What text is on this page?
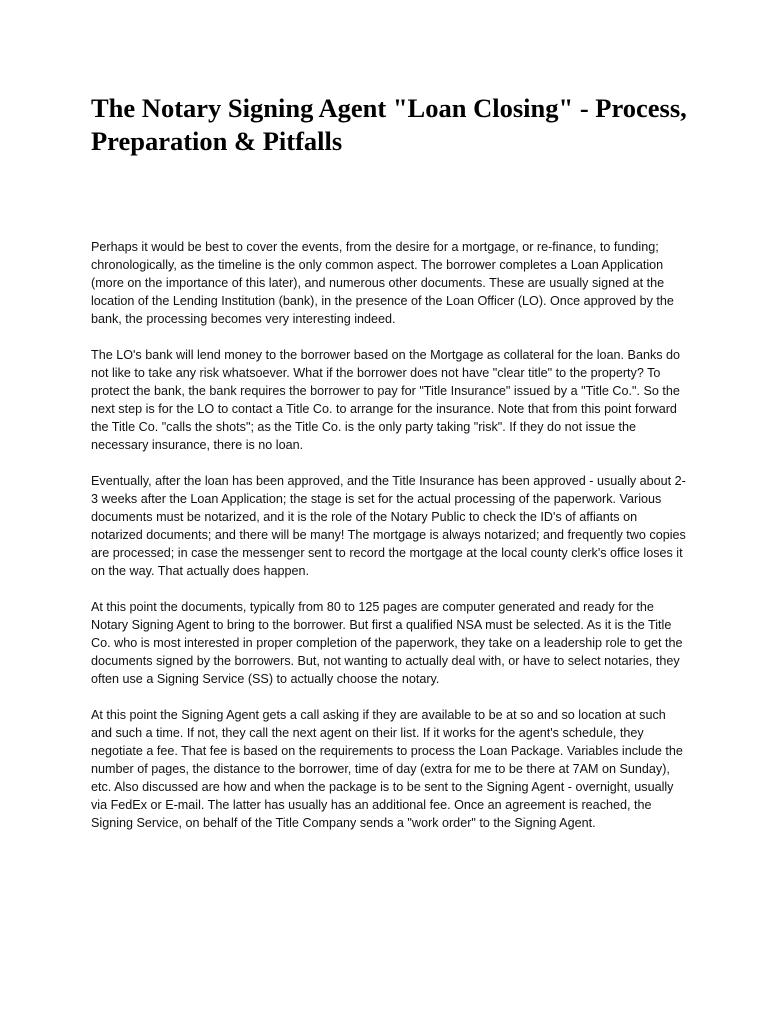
The Notary Signing Agent "Loan Closing" - Process, Preparation & Pitfalls

Perhaps it would be best to cover the events, from the desire for a mortgage, or re-finance, to funding; chronologically, as the timeline is the only common aspect. The borrower completes a Loan Application (more on the importance of this later), and numerous other documents. These are usually signed at the location of the Lending Institution (bank), in the presence of the Loan Officer (LO). Once approved by the bank, the processing becomes very interesting indeed.

The LO's bank will lend money to the borrower based on the Mortgage as collateral for the loan. Banks do not like to take any risk whatsoever. What if the borrower does not have "clear title" to the property? To protect the bank, the bank requires the borrower to pay for "Title Insurance" issued by a "Title Co.". So the next step is for the LO to contact a Title Co. to arrange for the insurance. Note that from this point forward the Title Co. "calls the shots"; as the Title Co. is the only party taking "risk". If they do not issue the necessary insurance, there is no loan.

Eventually, after the loan has been approved, and the Title Insurance has been approved - usually about 2-3 weeks after the Loan Application; the stage is set for the actual processing of the paperwork. Various documents must be notarized, and it is the role of the Notary Public to check the ID's of affiants on notarized documents; and there will be many! The mortgage is always notarized; and frequently two copies are processed; in case the messenger sent to record the mortgage at the local county clerk's office loses it on the way. That actually does happen.

At this point the documents, typically from 80 to 125 pages are computer generated and ready for the Notary Signing Agent to bring to the borrower. But first a qualified NSA must be selected. As it is the Title Co. who is most interested in proper completion of the paperwork, they take on a leadership role to get the documents signed by the borrowers. But, not wanting to actually deal with, or have to select notaries, they often use a Signing Service (SS) to actually choose the notary.

At this point the Signing Agent gets a call asking if they are available to be at so and so location at such and such a time. If not, they call the next agent on their list. If it works for the agent's schedule, they negotiate a fee. That fee is based on the requirements to process the Loan Package. Variables include the number of pages, the distance to the borrower, time of day (extra for me to be there at 7AM on Sunday), etc. Also discussed are how and when the package is to be sent to the Signing Agent - overnight, usually via FedEx or E-mail. The latter has usually has an additional fee. Once an agreement is reached, the Signing Service, on behalf of the Title Company sends a "work order" to the Signing Agent.
